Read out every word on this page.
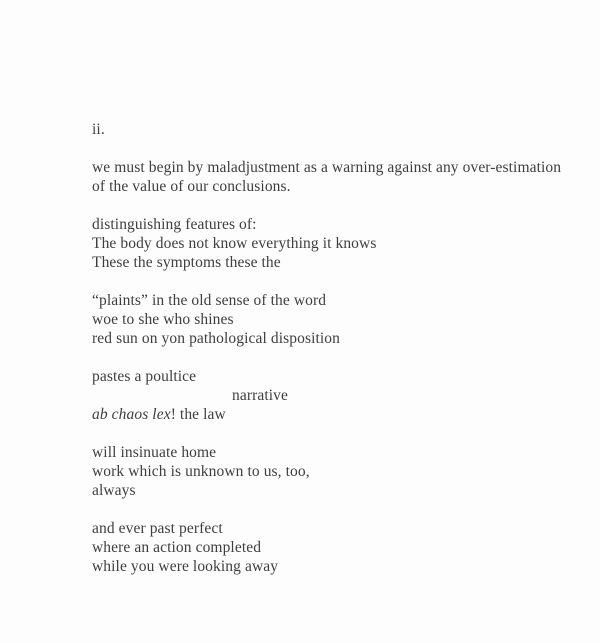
ii.
we must begin by maladjustment as a warning against any over-estimation
of the value of our conclusions.
distinguishing features of:
The body does not know everything it knows
These the symptoms these the
“plaints” in the old sense of the word
woe to she who shines
red sun on yon pathological disposition
pastes a poultice
narrative
ab chaos lex! the law
will insinuate home
work which is unknown to us, too,
always
and ever past perfect
where an action completed
while you were looking away
